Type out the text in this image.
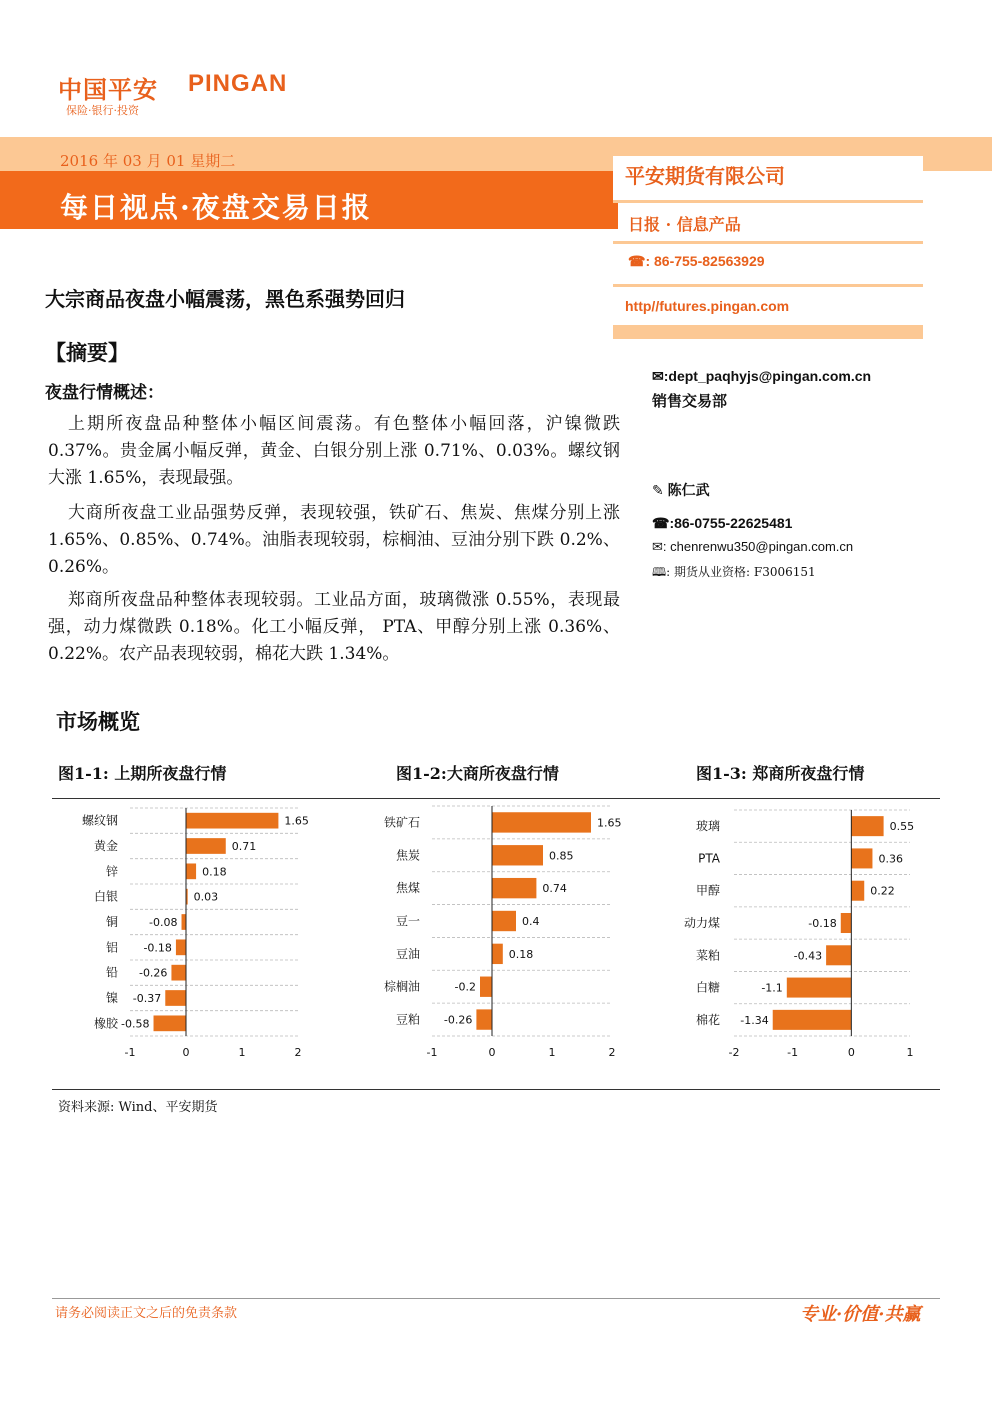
中国平安 PINGAN
保险·银行·投资
2016 年 03 月 01 星期二
每日视点·夜盘交易日报
平安期货有限公司
日报 · 信息产品
☎: 86-755-82563929
http//futures.pingan.com
✉:dept_paqhyjs@pingan.com.cn
销售交易部
✎ 陈仁武
☎:86-0755-22625481
✉: chenrenwu350@pingan.com.cn
🕮: 期货从业资格: F3006151
大宗商品夜盘小幅震荡，黑色系强势回归
【摘要】
夜盘行情概述：
上期所夜盘品种整体小幅区间震荡。有色整体小幅回落，沪镍微跌 0.37%。贵金属小幅反弹，黄金、白银分别上涨 0.71%、0.03%。螺纹钢大涨 1.65%，表现最强。
大商所夜盘工业品强势反弹，表现较强，铁矿石、焦炭、焦煤分别上涨 1.65%、0.85%、0.74%。油脂表现较弱，棕榈油、豆油分别下跌 0.2%、0.26%。
郑商所夜盘品种整体表现较弱。工业品方面，玻璃微涨 0.55%，表现最强，动力煤微跌 0.18%。化工小幅反弹， PTA、甲醇分别上涨 0.36%、0.22%。农产品表现较弱，棉花大跌 1.34%。
市场概览
图1-1: 上期所夜盘行情	图1-2:大商所夜盘行情	图1-3: 郑商所夜盘行情
-1	0	1	2
1.65
螺纹钢
0.71
黄金
0.18
锌
0.03
白银
-0.08
铜
-0.18
铝
-0.26
铅
-0.37
镍
-0.58
橡胶
-1	0	1	2
1.65
铁矿石
0.85
焦炭
0.74
焦煤
0.4
豆一
0.18
豆油
-0.2
棕榈油
-0.26
豆粕
-2	-1	0	1
0.55
玻璃
0.36
PTA
0.22
甲醇
-0.18
动力煤
-0.43
菜粕
-1.1
白糖
-1.34
棉花
资料来源: Wind、平安期货
请务必阅读正文之后的免责条款	专业·价值·共赢
